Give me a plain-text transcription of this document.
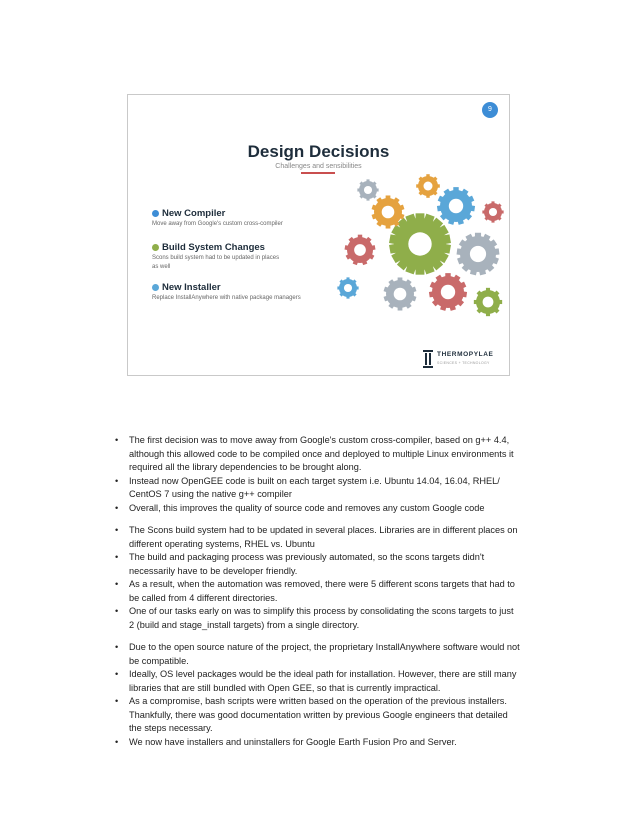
9
Design Decisions
Challenges and sensibilities
New Compiler
Move away from Google's custom cross-compiler
Build System Changes
Scons build system had to be updated in places
as well
New Installer
Replace InstallAnywhere with native package managers
THERMOPYLAE
SCIENCES + TECHNOLOGY
• The first decision was to move away from Google's custom cross-compiler, based on g++ 4.4, although this allowed code to be compiled once and deployed to multiple Linux environments it required all the library dependencies to be brought along.
• Instead now OpenGEE code is built on each target system i.e. Ubuntu 14.04, 16.04, RHEL/ CentOS 7 using the native g++ compiler
• Overall, this improves the quality of source code and removes any custom Google code
• The Scons build system had to be updated in several places. Libraries are in different places on different operating systems, RHEL vs. Ubuntu
• The build and packaging process was previously automated, so the scons targets didn't necessarily have to be developer friendly.
• As a result, when the automation was removed, there were 5 different scons targets that had to be called from 4 different directories.
• One of our tasks early on was to simplify this process by consolidating the scons targets to just 2 (build and stage_install targets) from a single directory.
• Due to the open source nature of the project, the proprietary InstallAnywhere software would not be compatible.
• Ideally, OS level packages would be the ideal path for installation. However, there are still many libraries that are still bundled with Open GEE, so that is currently impractical.
• As a compromise, bash scripts were written based on the operation of the previous installers. Thankfully, there was good documentation written by previous Google engineers that detailed the steps necessary.
• We now have installers and uninstallers for Google Earth Fusion Pro and Server.
